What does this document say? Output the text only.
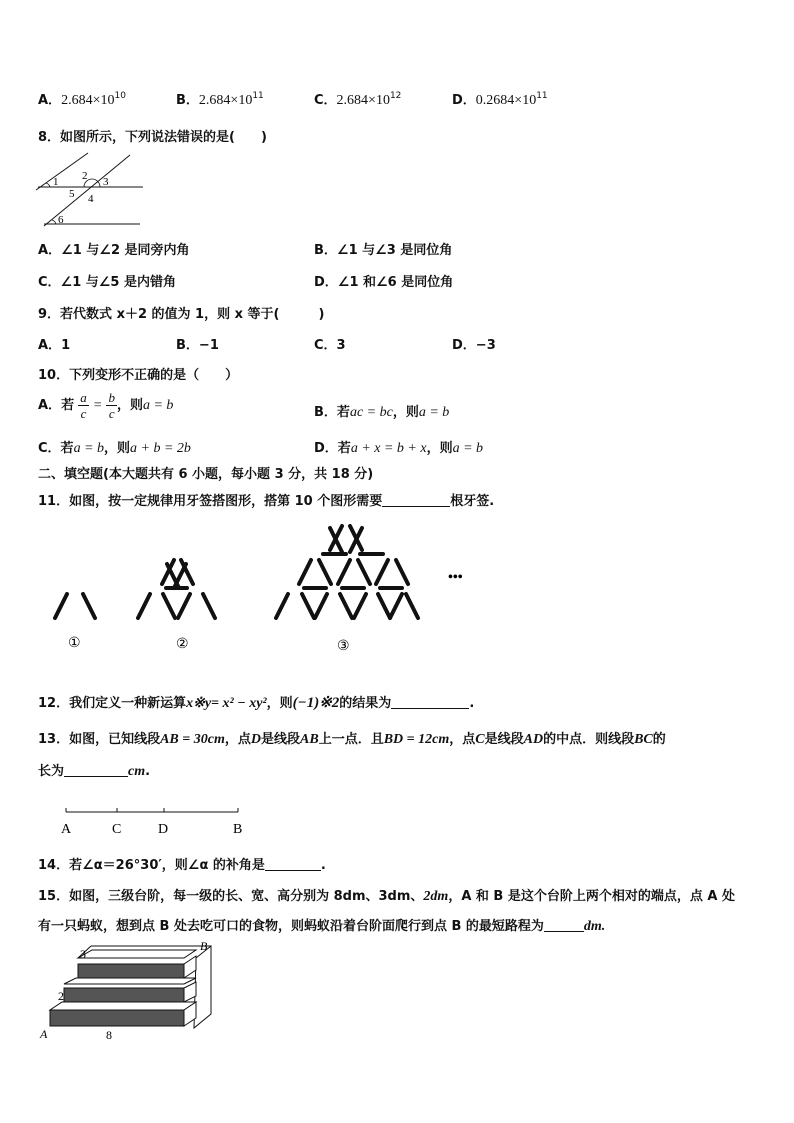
A．$2.684\times 10^{10}$	B．$2.684\times 10^{11}$	C．$2.684\times 10^{12}$	D．$0.2684\times 10^{11}$
8．如图所示，下列说法错误的是(　　)
1 2 3
4
5
6
A．∠1 与∠2 是同旁内角	B．∠1 与∠3 是同位角
C．∠1 与∠5 是内错角	D．∠1 和∠6 是同位角
9．若代数式 x＋2 的值为 1，则 x 等于(　　　)
A．1	B．−1	C．3	D．−3
10．下列变形不正确的是（　　）
A．若 $\frac{a}{c} = \frac{b}{c}$ ，则a = b	B．若ac = bc，则a = b
C．若a = b，则a + b = 2b	D．若a + x = b + x，则a = b
二、填空题(本大题共有 6 小题，每小题 3 分，共 18 分)
11．如图，按一定规律用牙签搭图形，搭第 10 个图形需要	根牙签.
①	②	③
•••
12．我们定义一种新运算x※y= x² − xy²，则(−1)※2的结果为	.
13．如图，已知线段AB = 30cm，点D是线段AB上一点．且BD = 12cm，点C是线段AD的中点．则线段BC的
长为	cm.
A	C	D	B
14．若∠α＝26°30′，则∠α 的补角是	.
15．如图，三级台阶，每一级的长、宽、高分别为 8dm、3dm、2dm，A 和 B 是这个台阶上两个相对的端点，点 A 处
有一只蚂蚁，想到点 B 处去吃可口的食物，则蚂蚁沿着台阶面爬行到点 B 的最短路程为	dm.
3
2
8
A
B
